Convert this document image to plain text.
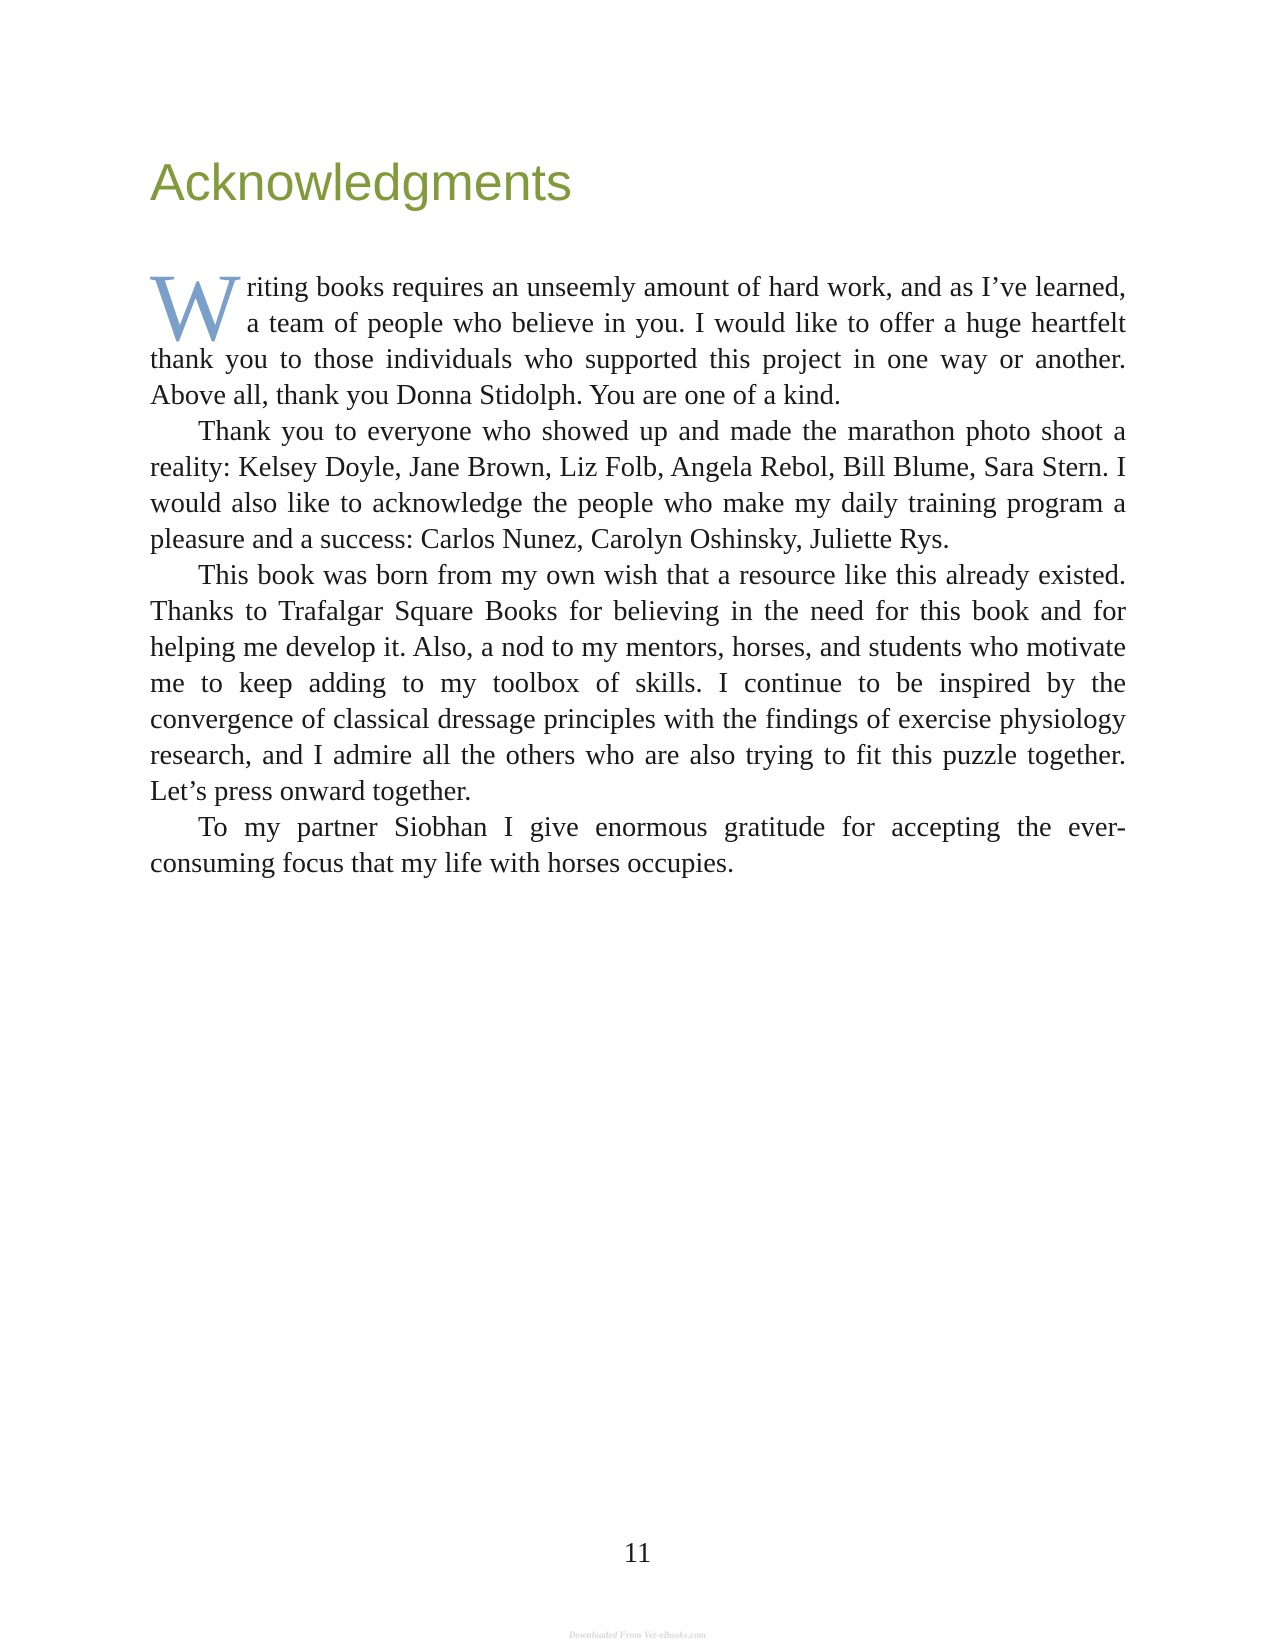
Acknowledgments

Writing books requires an unseemly amount of hard work, and as I’ve learned, a team of people who believe in you. I would like to offer a huge heartfelt thank you to those individuals who supported this project in one way or another. Above all, thank you Donna Stidolph. You are one of a kind.

Thank you to everyone who showed up and made the marathon photo shoot a reality: Kelsey Doyle, Jane Brown, Liz Folb, Angela Rebol, Bill Blume, Sara Stern. I would also like to acknowledge the people who make my daily training program a pleasure and a success: Carlos Nunez, Carolyn Oshinsky, Juliette Rys.

This book was born from my own wish that a resource like this already existed. Thanks to Trafalgar Square Books for believing in the need for this book and for helping me develop it. Also, a nod to my mentors, horses, and students who motivate me to keep adding to my toolbox of skills. I continue to be inspired by the convergence of classical dressage principles with the findings of exercise physiology research, and I admire all the others who are also trying to fit this puzzle together. Let’s press onward together.

To my partner Siobhan I give enormous gratitude for accepting the ever-consuming focus that my life with horses occupies.

11
Downloaded From Vet-eBooks.com
